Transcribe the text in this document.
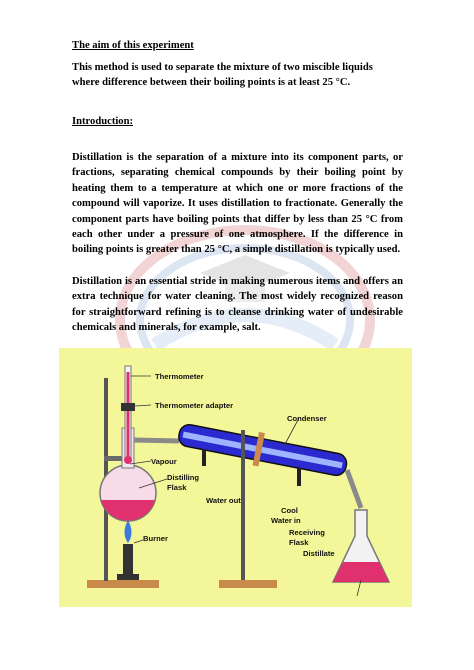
The aim of this experiment
This method is used to separate the mixture of two miscible liquids
where difference between their boiling points is at least 25 °C.
Introduction:
Distillation is the separation of a mixture into its component parts, or fractions, separating chemical compounds by their boiling point by heating them to a temperature at which one or more fractions of the compound will vaporize. It uses distillation to fractionate. Generally the component parts have boiling points that differ by less than 25 °C from each other under a pressure of one atmosphere. If the difference in boiling points is greater than 25 °C, a simple distillation is typically used.
Distillation is an essential stride in making numerous items and offers an extra technique for water cleaning. The most widely recognized reason for straightforward refining is to cleanse drinking water of undesirable chemicals and minerals, for example, salt.
Thermometer
Thermometer adapter
Condenser
Vapour
Distilling
Flask
Water out
Cool
Water in
Receiving
Flask
Distillate
Burner
